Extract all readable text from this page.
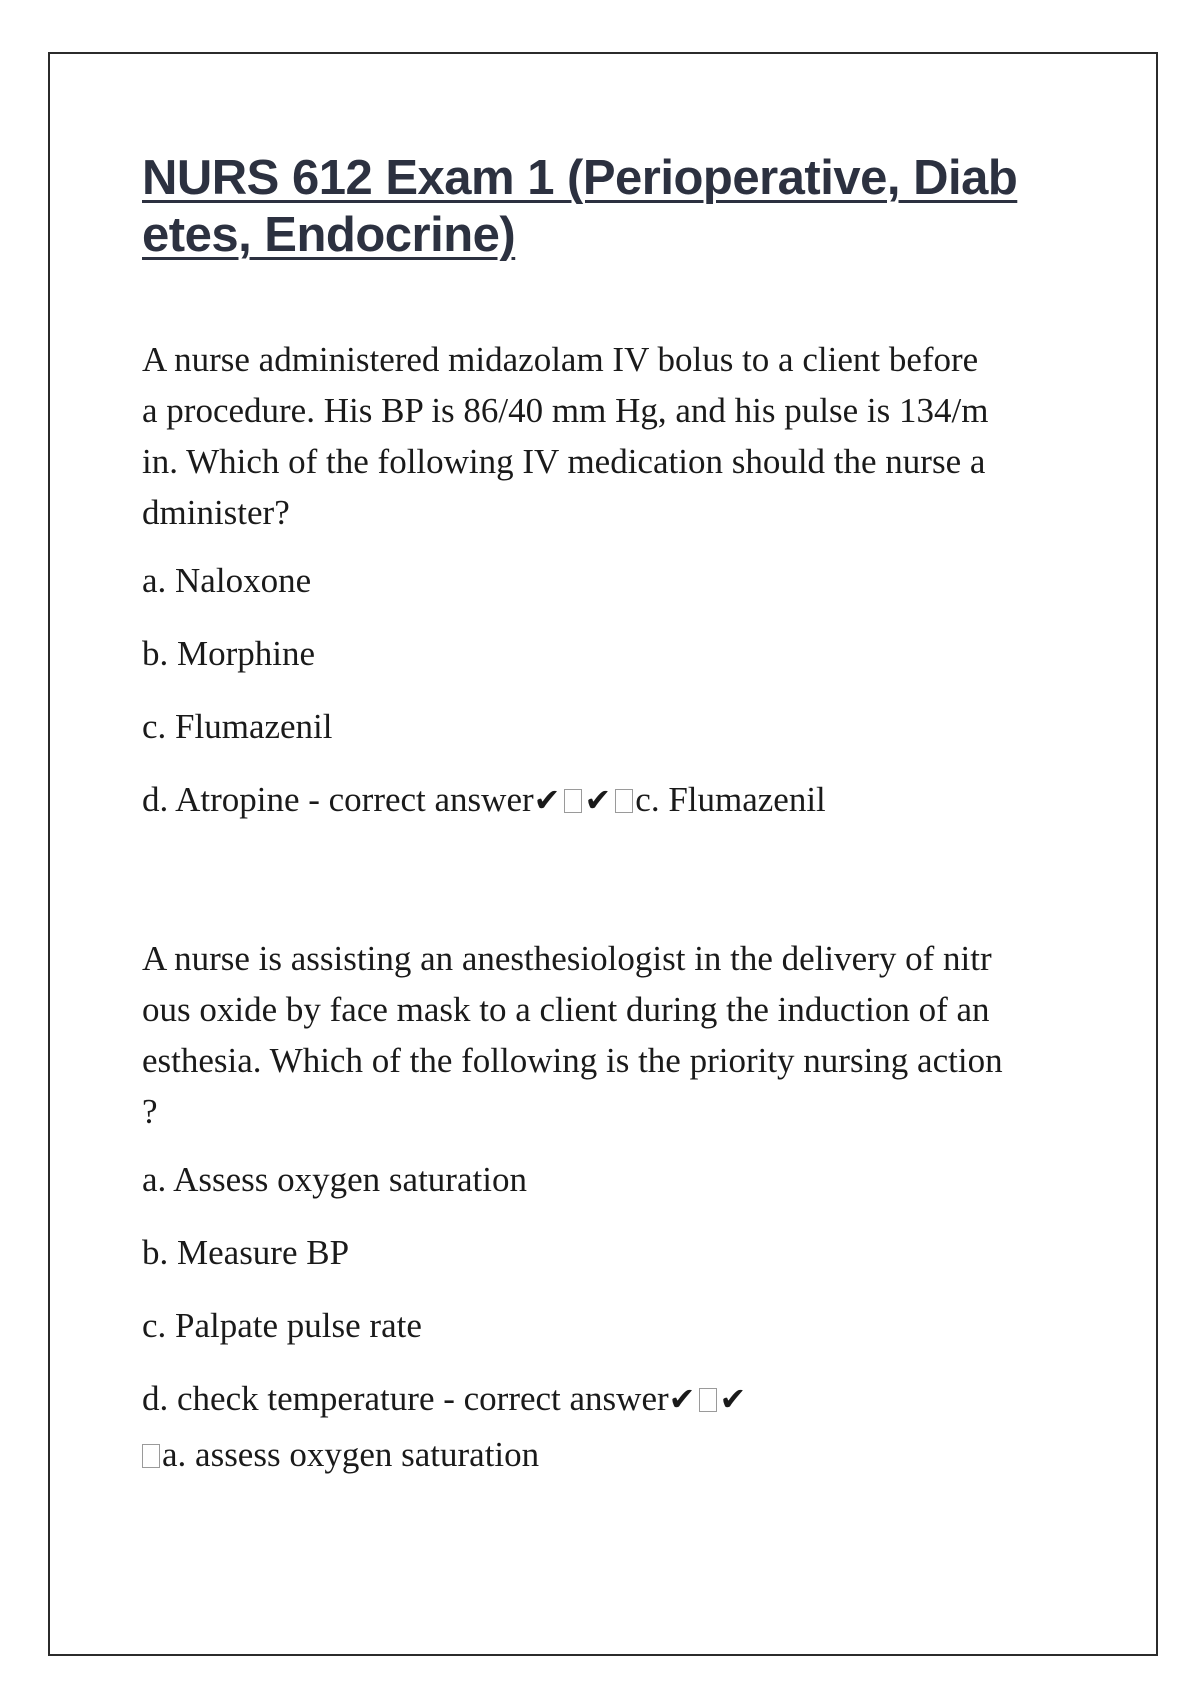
NURS 612 Exam 1 (Perioperative, Diab
etes, Endocrine)

A nurse administered midazolam IV bolus to a client before
a procedure. His BP is 86/40 mm Hg, and his pulse is 134/m
in. Which of the following IV medication should the nurse a
dminister?

a. Naloxone

b. Morphine

c. Flumazenil

d. Atropine - correct answer✔ ✔ c. Flumazenil

A nurse is assisting an anesthesiologist in the delivery of nitr
ous oxide by face mask to a client during the induction of an
esthesia. Which of the following is the priority nursing action
?

a. Assess oxygen saturation

b. Measure BP

c. Palpate pulse rate

d. check temperature - correct answer✔ ✔
a. assess oxygen saturation
